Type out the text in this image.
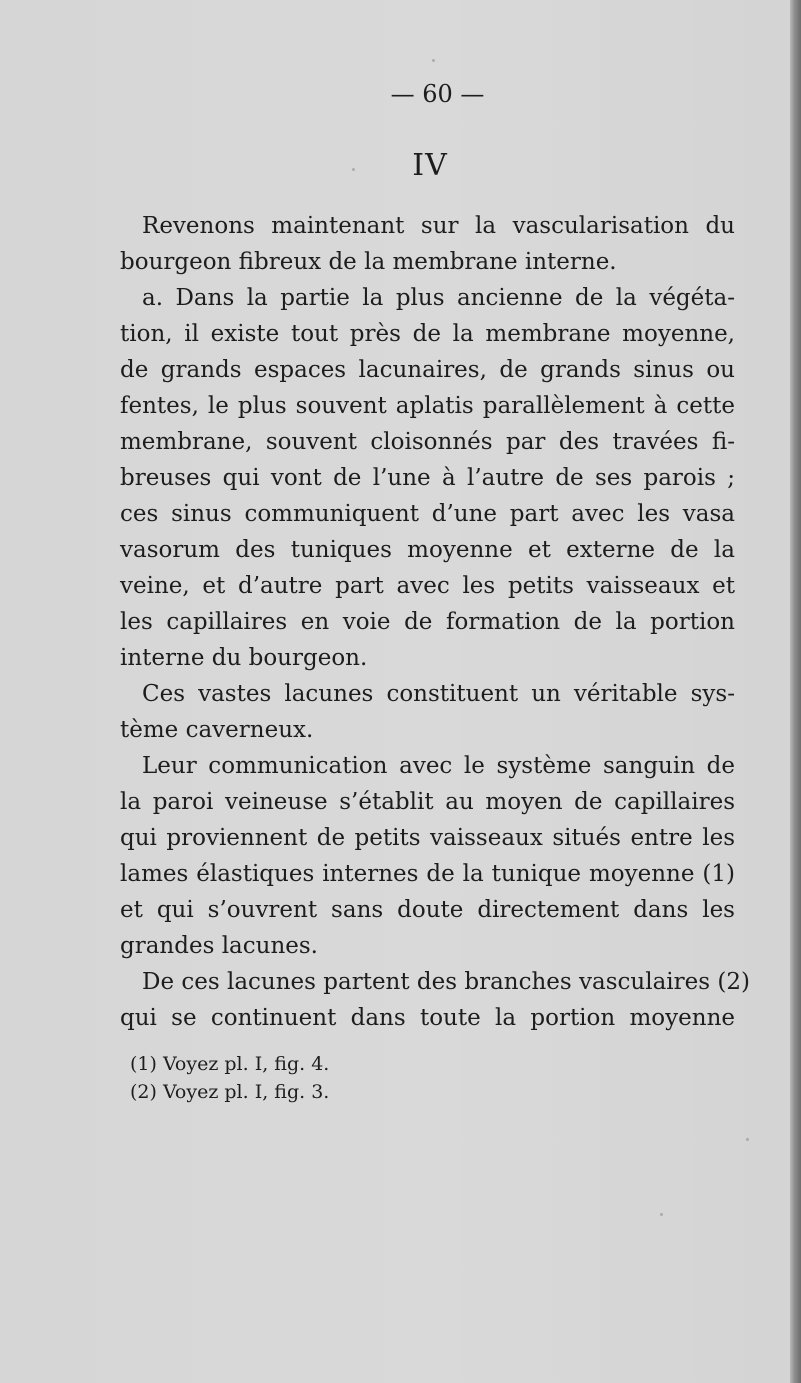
— 60 —
IV
Revenons maintenant sur la vascularisation du
bourgeon fibreux de la membrane interne.
a. Dans la partie la plus ancienne de la végéta-
tion, il existe tout près de la membrane moyenne,
de grands espaces lacunaires, de grands sinus ou
fentes, le plus souvent aplatis parallèlement à cette
membrane, souvent cloisonnés par des travées fi-
breuses qui vont de l’une à l’autre de ses parois ;
ces sinus communiquent d’une part avec les vasa
vasorum des tuniques moyenne et externe de la
veine, et d’autre part avec les petits vaisseaux et
les capillaires en voie de formation de la portion
interne du bourgeon.
Ces vastes lacunes constituent un véritable sys-
tème caverneux.
Leur communication avec le système sanguin de
la paroi veineuse s’établit au moyen de capillaires
qui proviennent de petits vaisseaux situés entre les
lames élastiques internes de la tunique moyenne (1)
et qui s’ouvrent sans doute directement dans les
grandes lacunes.
De ces lacunes partent des branches vasculaires (2)
qui se continuent dans toute la portion moyenne
(1) Voyez pl. I, fig. 4.
(2) Voyez pl. I, fig. 3.
